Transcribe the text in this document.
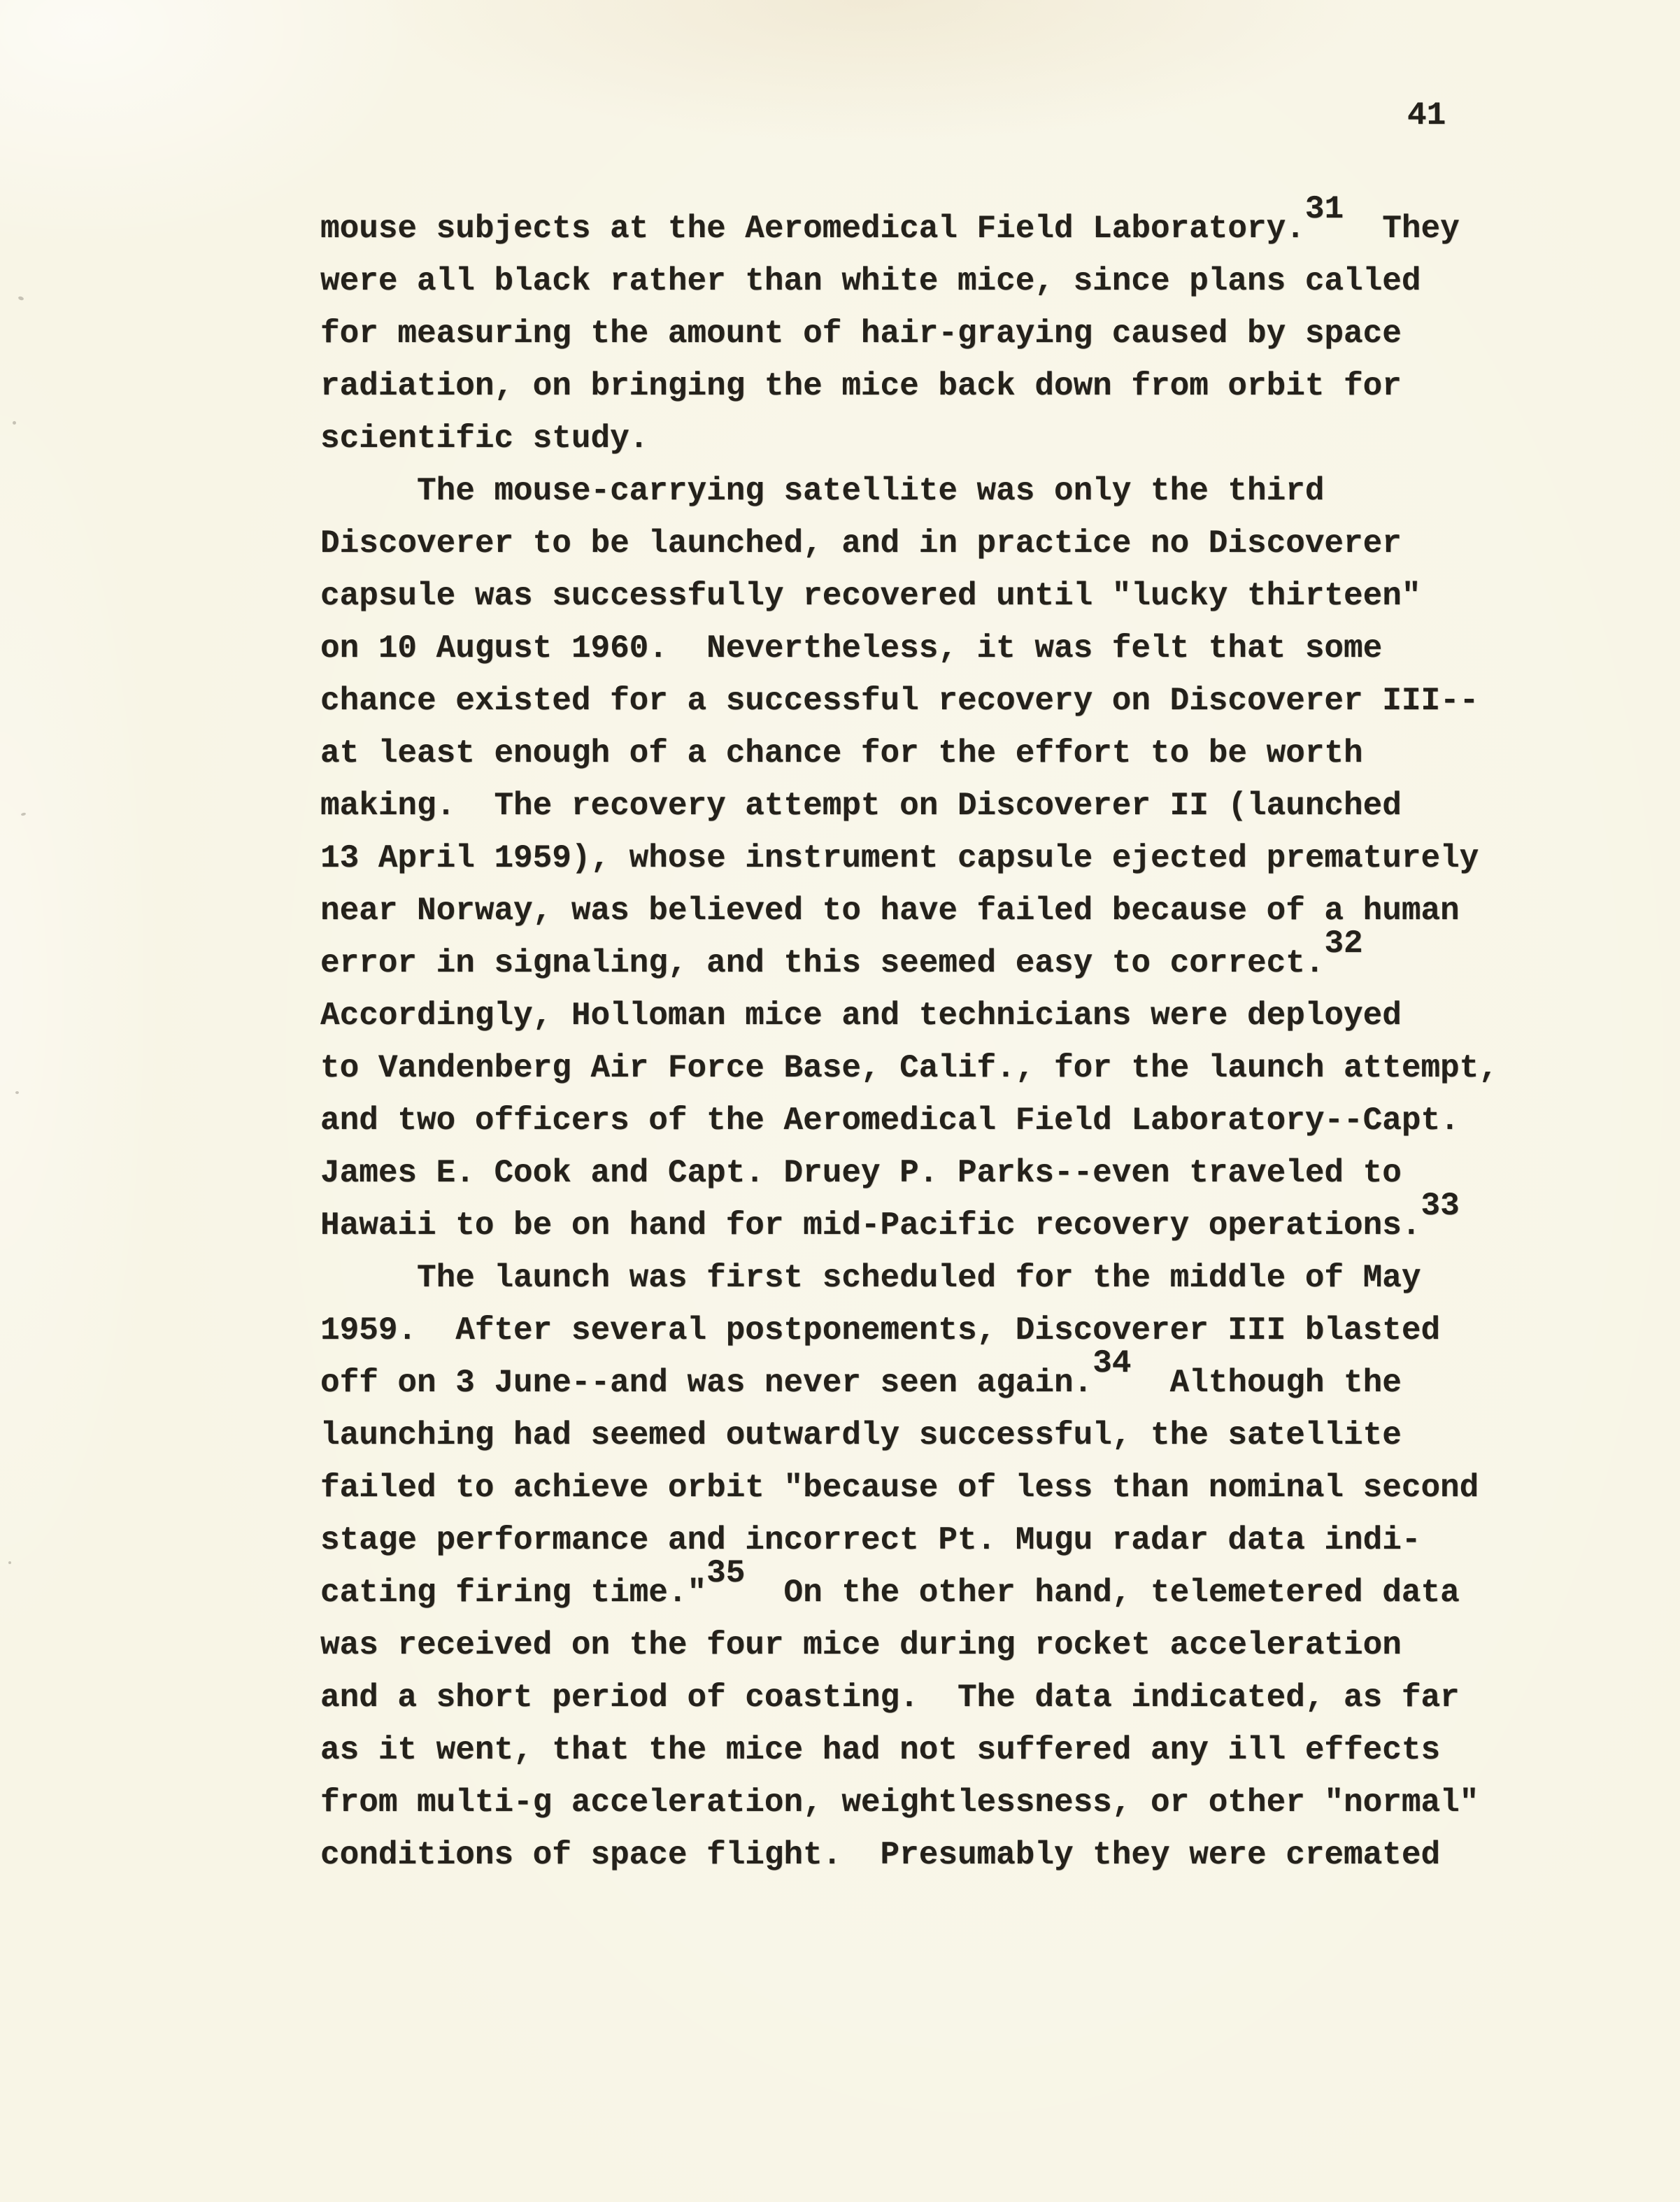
41
mouse subjects at the Aeromedical Field Laboratory.31  They
were all black rather than white mice, since plans called
for measuring the amount of hair-graying caused by space
radiation, on bringing the mice back down from orbit for
scientific study.
The mouse-carrying satellite was only the third
Discoverer to be launched, and in practice no Discoverer
capsule was successfully recovered until "lucky thirteen"
on 10 August 1960.  Nevertheless, it was felt that some
chance existed for a successful recovery on Discoverer III--
at least enough of a chance for the effort to be worth
making.  The recovery attempt on Discoverer II (launched
13 April 1959), whose instrument capsule ejected prematurely
near Norway, was believed to have failed because of a human
error in signaling, and this seemed easy to correct.32
Accordingly, Holloman mice and technicians were deployed
to Vandenberg Air Force Base, Calif., for the launch attempt,
and two officers of the Aeromedical Field Laboratory--Capt.
James E. Cook and Capt. Druey P. Parks--even traveled to
Hawaii to be on hand for mid-Pacific recovery operations.33
The launch was first scheduled for the middle of May
1959.  After several postponements, Discoverer III blasted
off on 3 June--and was never seen again.34  Although the
launching had seemed outwardly successful, the satellite
failed to achieve orbit "because of less than nominal second
stage performance and incorrect Pt. Mugu radar data indi-
cating firing time."35  On the other hand, telemetered data
was received on the four mice during rocket acceleration
and a short period of coasting.  The data indicated, as far
as it went, that the mice had not suffered any ill effects
from multi-g acceleration, weightlessness, or other "normal"
conditions of space flight.  Presumably they were cremated
